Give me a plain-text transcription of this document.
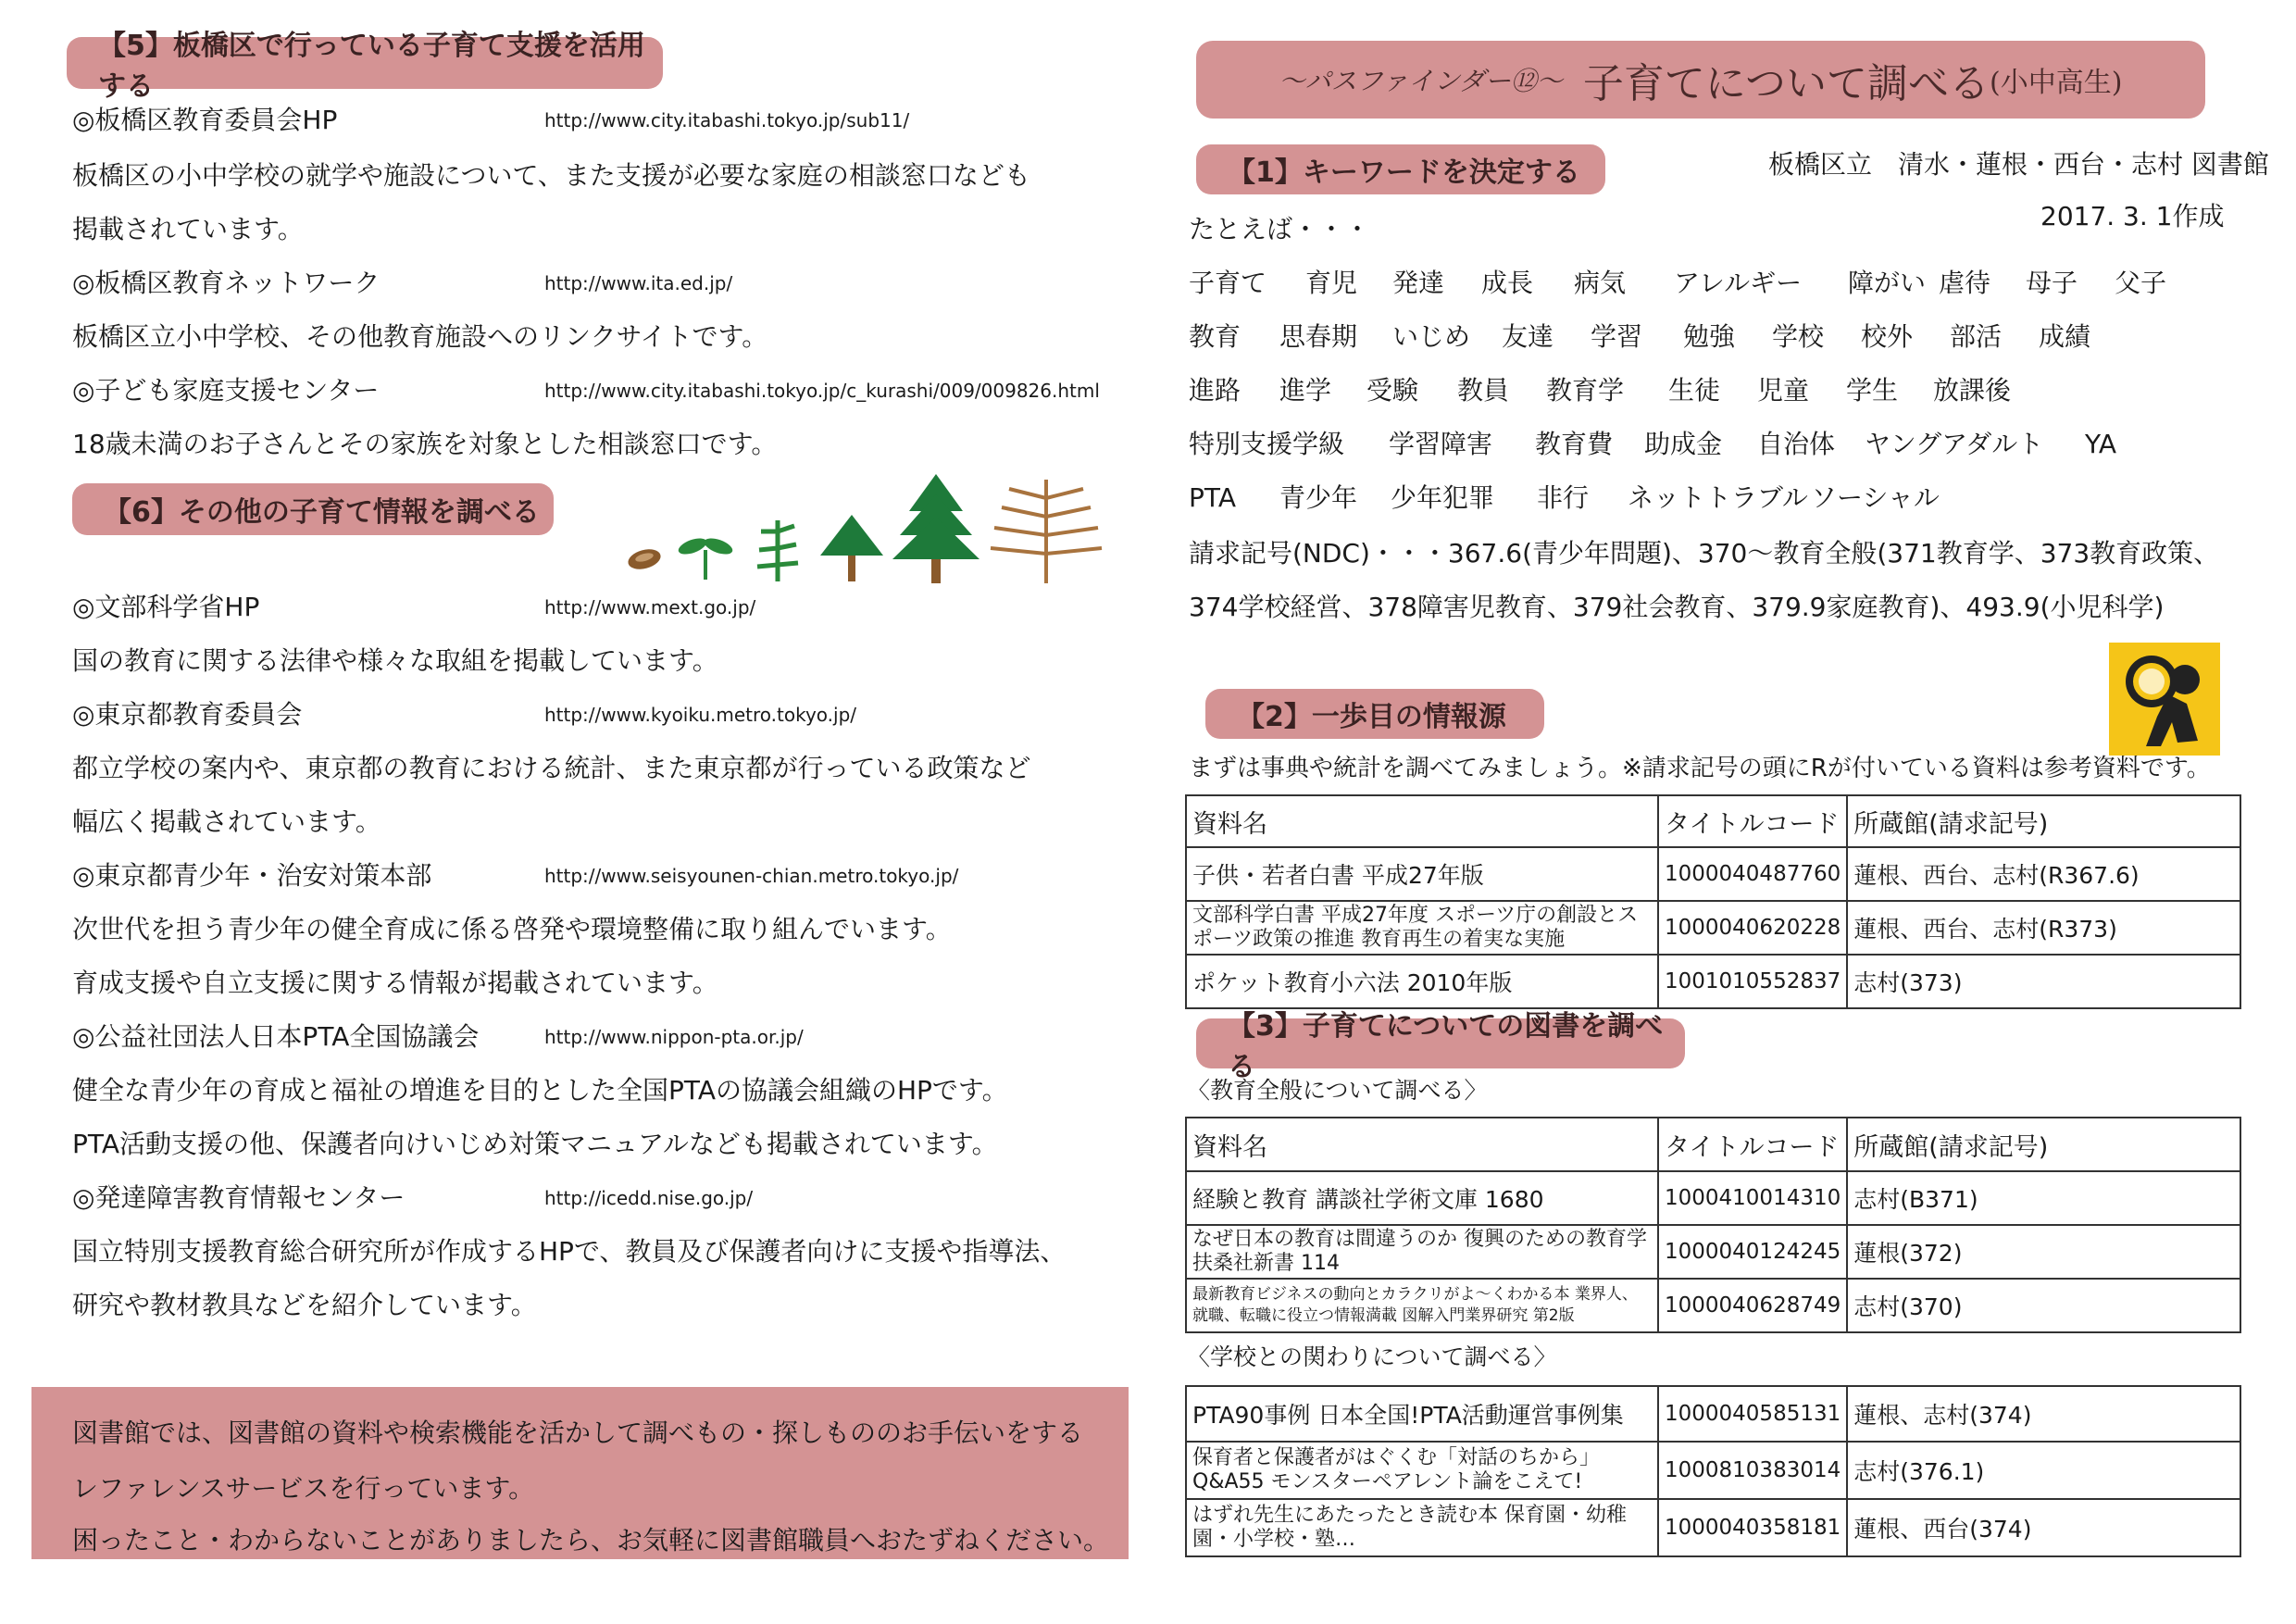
【5】板橋区で行っている子育て支援を活用する
◎板橋区教育委員会HP	http://www.city.itabashi.tokyo.jp/sub11/
板橋区の小中学校の就学や施設について、また支援が必要な家庭の相談窓口なども
掲載されています。
◎板橋区教育ネットワーク	http://www.ita.ed.jp/
板橋区立小中学校、その他教育施設へのリンクサイトです。
◎子ども家庭支援センター	http://www.city.itabashi.tokyo.jp/c_kurashi/009/009826.html
18歳未満のお子さんとその家族を対象とした相談窓口です。
【6】その他の子育て情報を調べる
◎文部科学省HP	http://www.mext.go.jp/
国の教育に関する法律や様々な取組を掲載しています。
◎東京都教育委員会	http://www.kyoiku.metro.tokyo.jp/
都立学校の案内や、東京都の教育における統計、また東京都が行っている政策など
幅広く掲載されています。
◎東京都青少年・治安対策本部	http://www.seisyounen-chian.metro.tokyo.jp/
次世代を担う青少年の健全育成に係る啓発や環境整備に取り組んでいます。
育成支援や自立支援に関する情報が掲載されています。
◎公益社団法人日本PTA全国協議会	http://www.nippon-pta.or.jp/
健全な青少年の育成と福祉の増進を目的とした全国PTAの協議会組織のHPです。
PTA活動支援の他、保護者向けいじめ対策マニュアルなども掲載されています。
◎発達障害教育情報センター	http://icedd.nise.go.jp/
国立特別支援教育総合研究所が作成するHPで、教員及び保護者向けに支援や指導法、
研究や教材教具などを紹介しています。
図書館では、図書館の資料や検索機能を活かして調べもの・探しもののお手伝いをする
レファレンスサービスを行っています。
困ったこと・わからないことがありましたら、お気軽に図書館職員へおたずねください。
～パスファインダー⑫～ 子育てについて調べる (小中高生)
【1】キーワードを決定する	板橋区立　清水・蓮根・西台・志村 図書館
2017. 3. 1作成
たとえば・・・
子育て 育児 発達 成長 病気 アレルギー 障がい 虐待 母子 父子
教育 思春期 いじめ 友達 学習 勉強 学校 校外 部活 成績
進路 進学 受験 教員 教育学 生徒 児童 学生 放課後
特別支援学級 学習障害 教育費 助成金 自治体 ヤングアダルト YA
PTA 青少年 少年犯罪 非行 ネットトラブル ソーシャル
請求記号(NDC)・・・367.6(青少年問題)、370～教育全般(371教育学、373教育政策、
374学校経営、378障害児教育、379社会教育、379.9家庭教育)、493.9(小児科学)
【2】一歩目の情報源
まずは事典や統計を調べてみましょう。※請求記号の頭にRが付いている資料は参考資料です。
資料名	タイトルコード	所蔵館(請求記号)
子供・若者白書 平成27年版	1000040487760	蓮根、西台、志村(R367.6)
文部科学白書 平成27年度 スポーツ庁の創設とスポーツ政策の推進 教育再生の着実な実施	1000040620228	蓮根、西台、志村(R373)
ポケット教育小六法 2010年版	1001010552837	志村(373)
【3】子育てについての図書を調べる
〈教育全般について調べる〉
資料名	タイトルコード	所蔵館(請求記号)
経験と教育 講談社学術文庫 1680	1000410014310	志村(B371)
なぜ日本の教育は間違うのか 復興のための教育学 扶桑社新書 114	1000040124245	蓮根(372)
最新教育ビジネスの動向とカラクリがよ～くわかる本 業界人、就職、転職に役立つ情報満載 図解入門業界研究 第2版	1000040628749	志村(370)
〈学校との関わりについて調べる〉
PTA90事例 日本全国!PTA活動運営事例集	1000040585131	蓮根、志村(374)
保育者と保護者がはぐくむ「対話のちから」 Q&A55 モンスターペアレント論をこえて!	1000810383014	志村(376.1)
はずれ先生にあたったとき読む本 保育園・幼稚園・小学校・塾…	1000040358181	蓮根、西台(374)
